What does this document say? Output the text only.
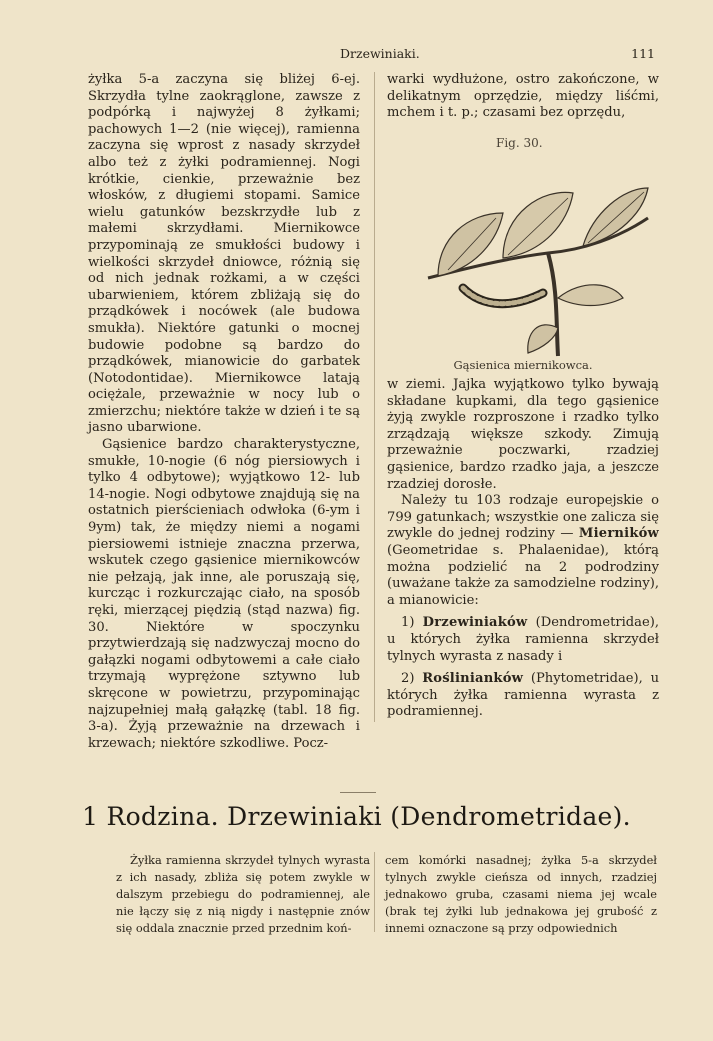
Drzewiniaki.	111

żyłka 5-a zaczyna się bliżej 6-ej. Skrzydła tylne zaokrąglone, zawsze z podpórką i najwyżej 8 żyłkami; pachowych 1—2 (nie więcej), ramienna zaczyna się wprost z nasady skrzydeł albo też z żyłki podramiennej. Nogi krótkie, cienkie, przeważnie bez włosków, z długiemi stopami. Samice wielu gatunków bezskrzydłe lub z małemi skrzydłami. Miernikowce przypominają ze smukłości budowy i wielkości skrzydeł dniowce, różnią się od nich jednak rożkami, a w części ubarwieniem, którem zbliżają się do prządkówek i nocówek (ale budowa smukła). Niektóre gatunki o mocnej budowie podobne są bardzo do prządkówek, mianowicie do garbatek (Notodontidae). Miernikowce latają ociężale, przeważnie w nocy lub o zmierzchu; niektóre także w dzień i te są jasno ubarwione.

Gąsienice bardzo charakterystyczne, smukłe, 10-nogie (6 nóg piersiowych i tylko 4 odbytowe); wyjątkowo 12- lub 14-nogie. Nogi odbytowe znajdują się na ostatnich pierścieniach odwłoka (6-ym i 9ym) tak, że między niemi a nogami piersiowemi istnieje znaczna przerwa, wskutek czego gąsienice miernikowców nie pełzają, jak inne, ale poruszają się, kurcząc i rozkurczając ciało, na sposób ręki, mierzącej piędzią (stąd nazwa) fig. 30. Niektóre w spoczynku przytwierdzają się nadzwyczaj mocno do gałązki nogami odbytowemi a całe ciało trzymają wyprężone sztywno lub skręcone w powietrzu, przypominając najzupełniej małą gałązkę (tabl. 18 fig. 3-a). Żyją przeważnie na drzewach i krzewach; niektóre szkodliwe. Pocz-

warki wydłużone, ostro zakończone, w delikatnym oprzędzie, między liśćmi, mchem i t. p.; czasami bez oprzędu,

Fig. 30.
Gąsienica miernikowca.

w ziemi. Jajka wyjątkowo tylko bywają składane kupkami, dla tego gąsienice żyją zwykle rozproszone i rzadko tylko zrządzają większe szkody. Zimują przeważnie poczwarki, rzadziej gąsienice, bardzo rzadko jaja, a jeszcze rzadziej dorosłe.

Należy tu 103 rodzaje europejskie o 799 gatunkach; wszystkie one zalicza się zwykle do jednej rodziny — Mierników (Geometridae s. Phalaenidae), którą można podzielić na 2 podrodziny (uważane także za samodzielne rodziny), a mianowicie:

1) Drzewiniaków (Dendrometridae), u których żyłka ramienna skrzydeł tylnych wyrasta z nasady i

2) Roślinianków (Phytometridae), u których żyłka ramienna wyrasta z podramiennej.

1 Rodzina. Drzewiniaki (Dendrometridae).

Żyłka ramienna skrzydeł tylnych wyrasta z ich nasady, zbliża się potem zwykle w dalszym przebiegu do podramiennej, ale nie łączy się z nią nigdy i następnie znów się oddala znacznie przed przednim koń-

cem komórki nasadnej; żyłka 5-a skrzydeł tylnych zwykle cieńsza od innych, rzadziej jednakowo gruba, czasami niema jej wcale (brak tej żyłki lub jednakowa jej grubość z innemi oznaczone są przy odpowiednich
